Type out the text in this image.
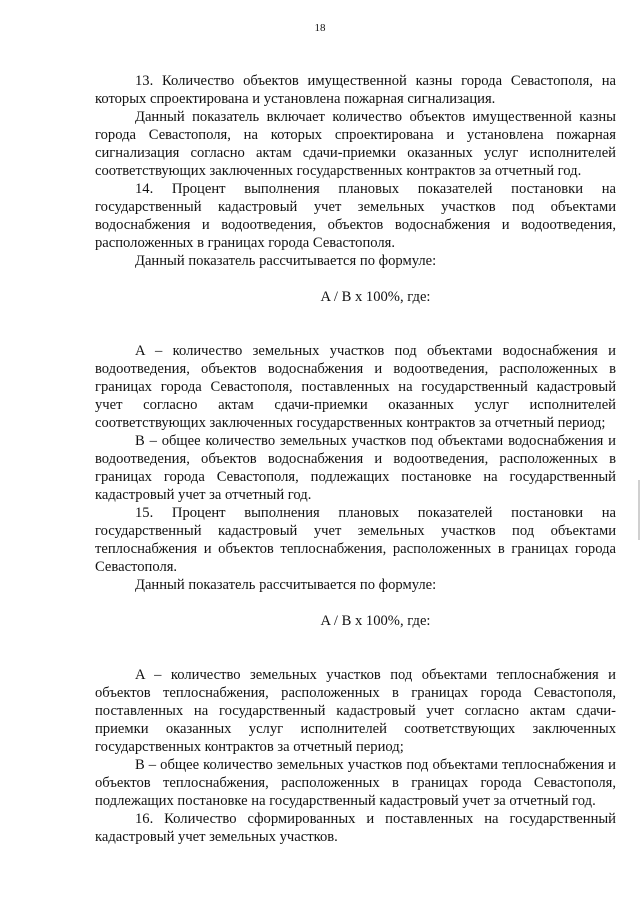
18

13. Количество объектов имущественной казны города Севастополя, на которых спроектирована и установлена пожарная сигнализация.

Данный показатель включает количество объектов имущественной казны города Севастополя, на которых спроектирована и установлена пожарная сигнализация согласно актам сдачи-приемки оказанных услуг исполнителей соответствующих заключенных государственных контрактов за отчетный год.

14. Процент выполнения плановых показателей постановки на государственный кадастровый учет земельных участков под объектами водоснабжения и водоотведения, объектов водоснабжения и водоотведения, расположенных в границах города Севастополя.

Данный показатель рассчитывается по формуле:

A / B x 100%, где:

A – количество земельных участков под объектами водоснабжения и водоотведения, объектов водоснабжения и водоотведения, расположенных в границах города Севастополя, поставленных на государственный кадастровый учет согласно актам сдачи-приемки оказанных услуг исполнителей соответствующих заключенных государственных контрактов за отчетный период;

B – общее количество земельных участков под объектами водоснабжения и водоотведения, объектов водоснабжения и водоотведения, расположенных в границах города Севастополя, подлежащих постановке на государственный кадастровый учет за отчетный год.

15. Процент выполнения плановых показателей постановки на государственный кадастровый учет земельных участков под объектами теплоснабжения и объектов теплоснабжения, расположенных в границах города Севастополя.

Данный показатель рассчитывается по формуле:

A / B x 100%, где:

A – количество земельных участков под объектами теплоснабжения и объектов теплоснабжения, расположенных в границах города Севастополя, поставленных на государственный кадастровый учет согласно актам сдачи-приемки оказанных услуг исполнителей соответствующих заключенных государственных контрактов за отчетный период;

B – общее количество земельных участков под объектами теплоснабжения и объектов теплоснабжения, расположенных в границах города Севастополя, подлежащих постановке на государственный кадастровый учет за отчетный год.

16. Количество сформированных и поставленных на государственный кадастровый учет земельных участков.
